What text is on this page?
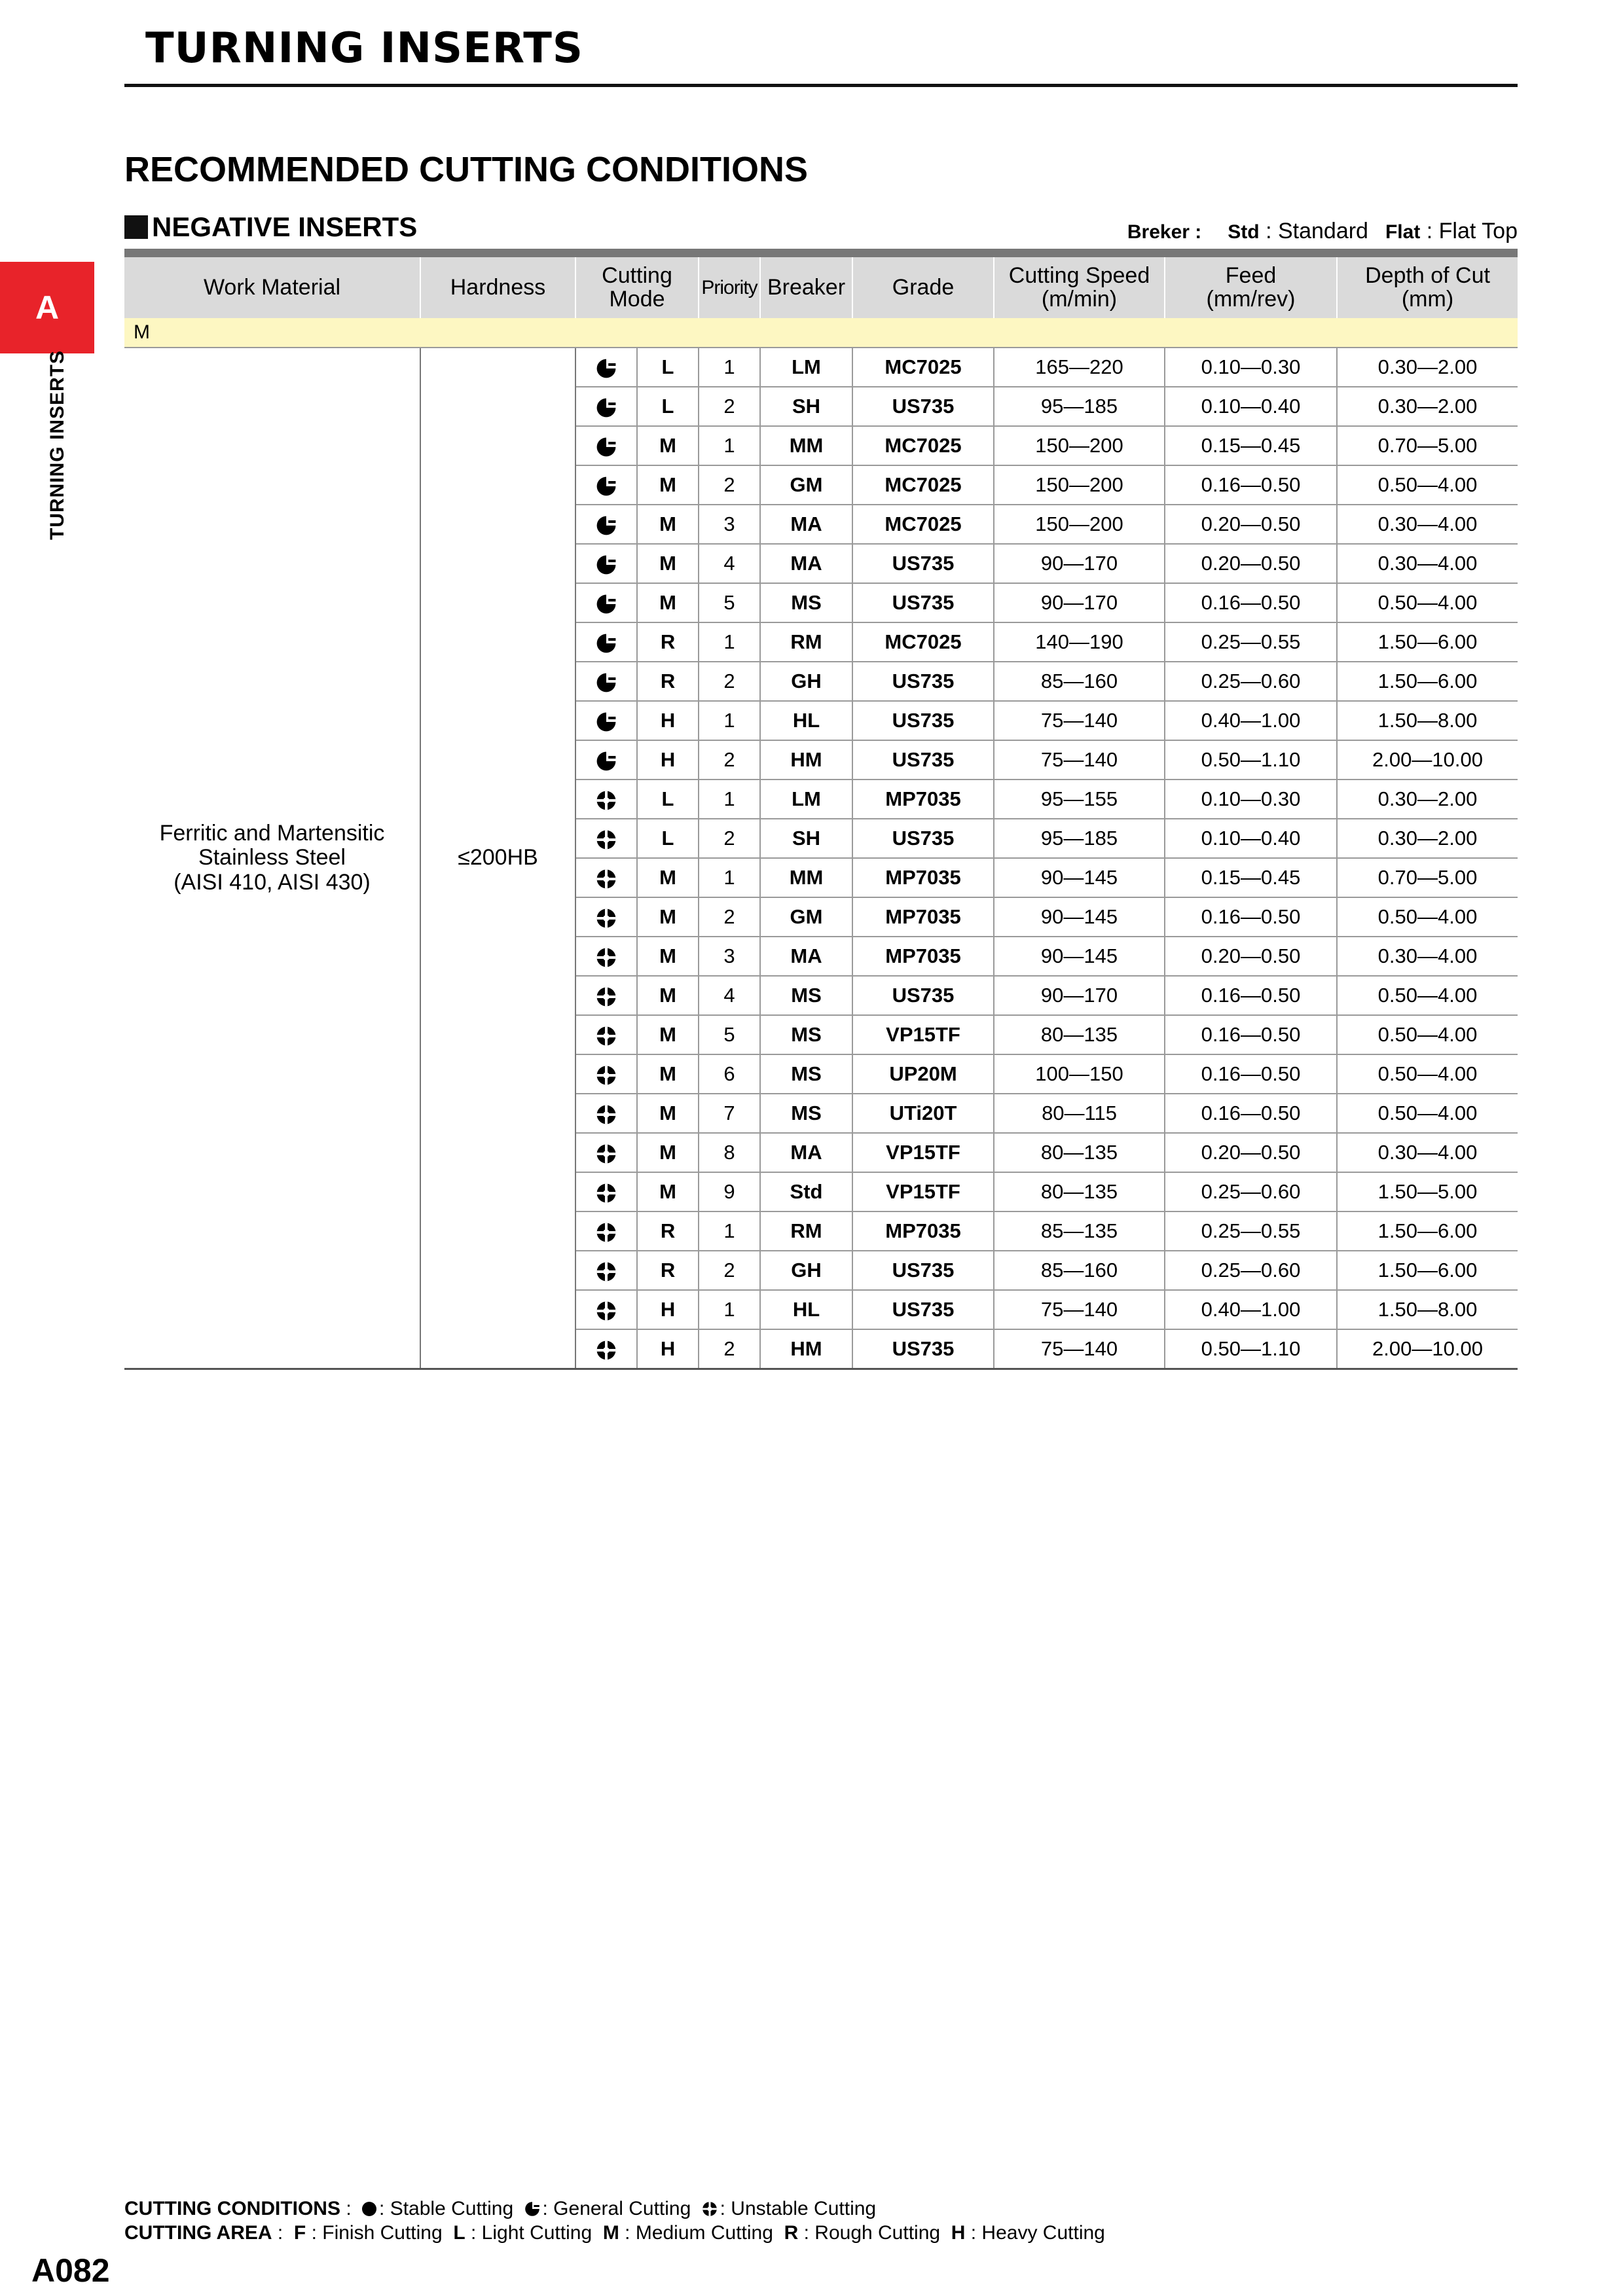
TURNING INSERTS
A
TURNING INSERTS
RECOMMENDED CUTTING CONDITIONS
NEGATIVE INSERTS	Breker : Std : Standard Flat : Flat Top
Work Material	Hardness	Cutting
Mode		Priority	Breaker	Grade	Cutting Speed
(m/min)	Feed
(mm/rev)	Depth of Cut
(mm)
M									
Ferritic and Martensitic
Stainless Steel
(AISI 410, AISI 430)	≤200HB		L	1	LM	MC7025	165—220	0.10—0.30	0.30—2.00
	L	2	SH	US735	95—185	0.10—0.40	0.30—2.00
	M	1	MM	MC7025	150—200	0.15—0.45	0.70—5.00
	M	2	GM	MC7025	150—200	0.16—0.50	0.50—4.00
	M	3	MA	MC7025	150—200	0.20—0.50	0.30—4.00
	M	4	MA	US735	90—170	0.20—0.50	0.30—4.00
	M	5	MS	US735	90—170	0.16—0.50	0.50—4.00
	R	1	RM	MC7025	140—190	0.25—0.55	1.50—6.00
	R	2	GH	US735	85—160	0.25—0.60	1.50—6.00
	H	1	HL	US735	75—140	0.40—1.00	1.50—8.00
	H	2	HM	US735	75—140	0.50—1.10	2.00—10.00
	L	1	LM	MP7035	95—155	0.10—0.30	0.30—2.00
	L	2	SH	US735	95—185	0.10—0.40	0.30—2.00
	M	1	MM	MP7035	90—145	0.15—0.45	0.70—5.00
	M	2	GM	MP7035	90—145	0.16—0.50	0.50—4.00
	M	3	MA	MP7035	90—145	0.20—0.50	0.30—4.00
	M	4	MS	US735	90—170	0.16—0.50	0.50—4.00
	M	5	MS	VP15TF	80—135	0.16—0.50	0.50—4.00
	M	6	MS	UP20M	100—150	0.16—0.50	0.50—4.00
	M	7	MS	UTi20T	80—115	0.16—0.50	0.50—4.00
	M	8	MA	VP15TF	80—135	0.20—0.50	0.30—4.00
	M	9	Std	VP15TF	80—135	0.25—0.60	1.50—5.00
	R	1	RM	MP7035	85—135	0.25—0.55	1.50—6.00
	R	2	GH	US735	85—160	0.25—0.60	1.50—6.00
	H	1	HL	US735	75—140	0.40—1.00	1.50—8.00
	H	2	HM	US735	75—140	0.50—1.10	2.00—10.00
CUTTING CONDITIONS : : Stable Cutting : General Cutting : Unstable Cutting
CUTTING AREA : F : Finish Cutting L : Light Cutting M : Medium Cutting R : Rough Cutting H : Heavy Cutting
A082
